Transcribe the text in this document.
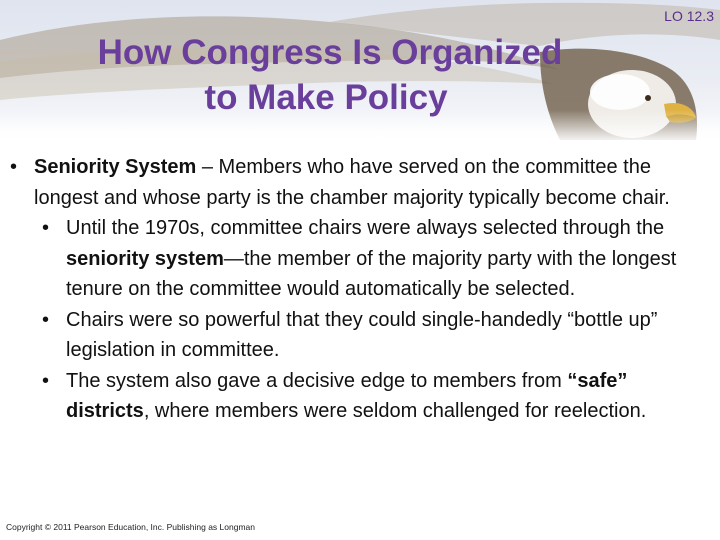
LO 12.3
How Congress Is Organized
to Make Policy
• Seniority System – Members who have served on the committee the longest and whose party is the chamber majority typically become chair.
• Until the 1970s, committee chairs were always selected through the seniority system—the member of the majority party with the longest tenure on the committee would automatically be selected.
• Chairs were so powerful that they could single-handedly “bottle up” legislation in committee.
• The system also gave a decisive edge to members from “safe” districts, where members were seldom challenged for reelection.
Copyright © 2011 Pearson Education, Inc. Publishing as Longman
